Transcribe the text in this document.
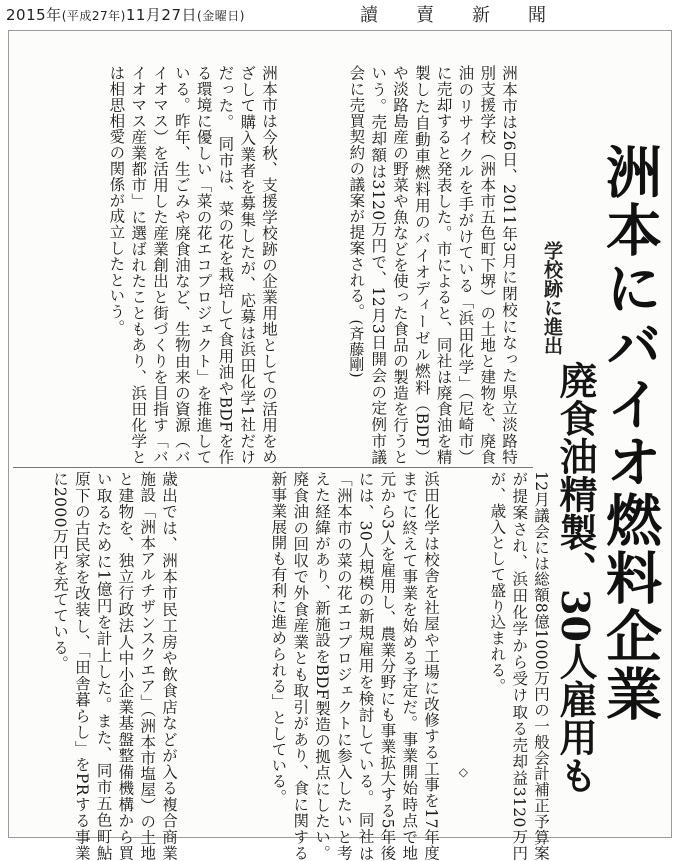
2015年(平成27年)11月27日(金曜日)	讀賣新聞
洲本にバイオ燃料企業
学校跡に進出
廃食油精製、30人雇用も
洲本市は26日、2011年3月に閉校になった県立淡路特別支援学校（洲本市五色町下堺）の土地と建物を、廃食油のリサイクルを手がけている「浜田化学」（尼崎市）に売却すると発表した。市によると、同社は廃食油を精製した自動車燃料用のバイオディーゼル燃料（BDF）や淡路島産の野菜や魚などを使った食品の製造を行うという。売却額は3120万円で、12月3日開会の定例市議会に売買契約の議案が提案される。(斉藤剛)
洲本市は今秋、支援学校跡の企業用地としての活用をめざして購入業者を募集したが、応募は浜田化学1社だけだった。 同市は、菜の花を栽培して食用油やBDFを作る環境に優しい「菜の花エコプロジェクト」を推進している。昨年、生ごみや廃食油など、生物由来の資源（バイオマス）を活用した産業創出と街づくりを目指す「バイオマス産業都市」に選ばれたこともあり、浜田化学とは相思相愛の関係が成立したという。
12月議会には総額8億1000万円の一般会計補正予算案が提案され、浜田化学から受け取る売却益3120万円が、歳入として盛り込まれる。
浜田化学は校舎を社屋や工場に改修する工事を17年度までに終えて事業を始める予定だ。事業開始時点で地元から3人を雇用し、農業分野にも事業拡大する5年後には、30人規模の新規雇用を検討している。 同社は「洲本市の菜の花エコプロジェクトに参入したいと考えた経緯があり、新施設をBDF製造の拠点にしたい。廃食油の回収で外食産業とも取引があり、食に関する新事業展開も有利に進められる」としている。
歳出では、洲本市民工房や飲食店などが入る複合商業施設「洲本アルチザンスクエア」（洲本市塩屋）の土地と建物を、独立行政法人中小企業基盤整備機構から買い取るために1億円を計上した。また、同市五色町鮎原下の古民家を改装し、「田舎暮らし」をPRする事業に2000万円を充てている。
◇
